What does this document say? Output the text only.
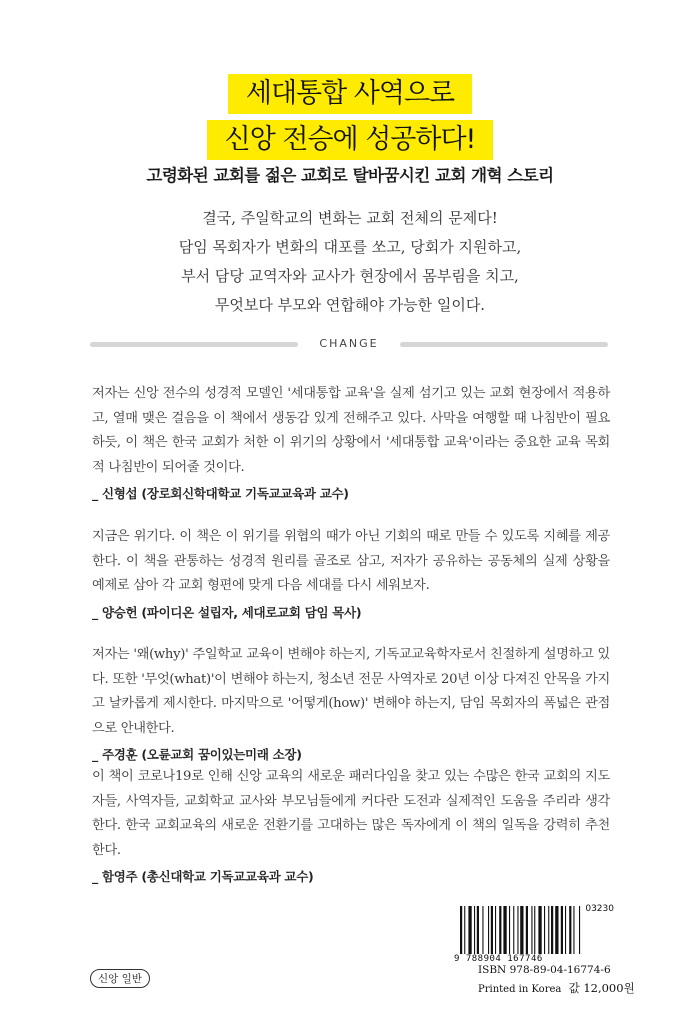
세대통합 사역으로
신앙 전승에 성공하다!
고령화된 교회를 젊은 교회로 탈바꿈시킨 교회 개혁 스토리
결국, 주일학교의 변화는 교회 전체의 문제다!
담임 목회자가 변화의 대포를 쏘고, 당회가 지원하고,
부서 담당 교역자와 교사가 현장에서 몸부림을 치고,
무엇보다 부모와 연합해야 가능한 일이다.
CHANGE
저자는 신앙 전수의 성경적 모델인 '세대통합 교육'을 실제 섬기고 있는 교회 현장에서 적용하고, 열매 맺은 걸음을 이 책에서 생동감 있게 전해주고 있다. 사막을 여행할 때 나침반이 필요하듯, 이 책은 한국 교회가 처한 이 위기의 상황에서 '세대통합 교육'이라는 중요한 교육 목회적 나침반이 되어줄 것이다.
_ 신형섭 (장로회신학대학교 기독교교육과 교수)
지금은 위기다. 이 책은 이 위기를 위협의 때가 아닌 기회의 때로 만들 수 있도록 지혜를 제공한다. 이 책을 관통하는 성경적 원리를 골조로 삼고, 저자가 공유하는 공동체의 실제 상황을 예제로 삼아 각 교회 형편에 맞게 다음 세대를 다시 세워보자.
_ 양승헌 (파이디온 설립자, 세대로교회 담임 목사)
저자는 '왜(why)' 주일학교 교육이 변해야 하는지, 기독교교육학자로서 친절하게 설명하고 있다. 또한 '무엇(what)'이 변해야 하는지, 청소년 전문 사역자로 20년 이상 다져진 안목을 가지고 날카롭게 제시한다. 마지막으로 '어떻게(how)' 변해야 하는지, 담임 목회자의 폭넓은 관점으로 안내한다.
_ 주경훈 (오륜교회 꿈이있는미래 소장)
이 책이 코로나19로 인해 신앙 교육의 새로운 패러다임을 찾고 있는 수많은 한국 교회의 지도자들, 사역자들, 교회학교 교사와 부모님들에게 커다란 도전과 실제적인 도움을 주리라 생각한다. 한국 교회교육의 새로운 전환기를 고대하는 많은 독자에게 이 책의 일독을 강력히 추천한다.
_ 함영주 (총신대학교 기독교교육과 교수)
신앙 일반
03230
9 788904 167746
ISBN 978-89-04-16774-6
Printed in Korea 값 12,000원
